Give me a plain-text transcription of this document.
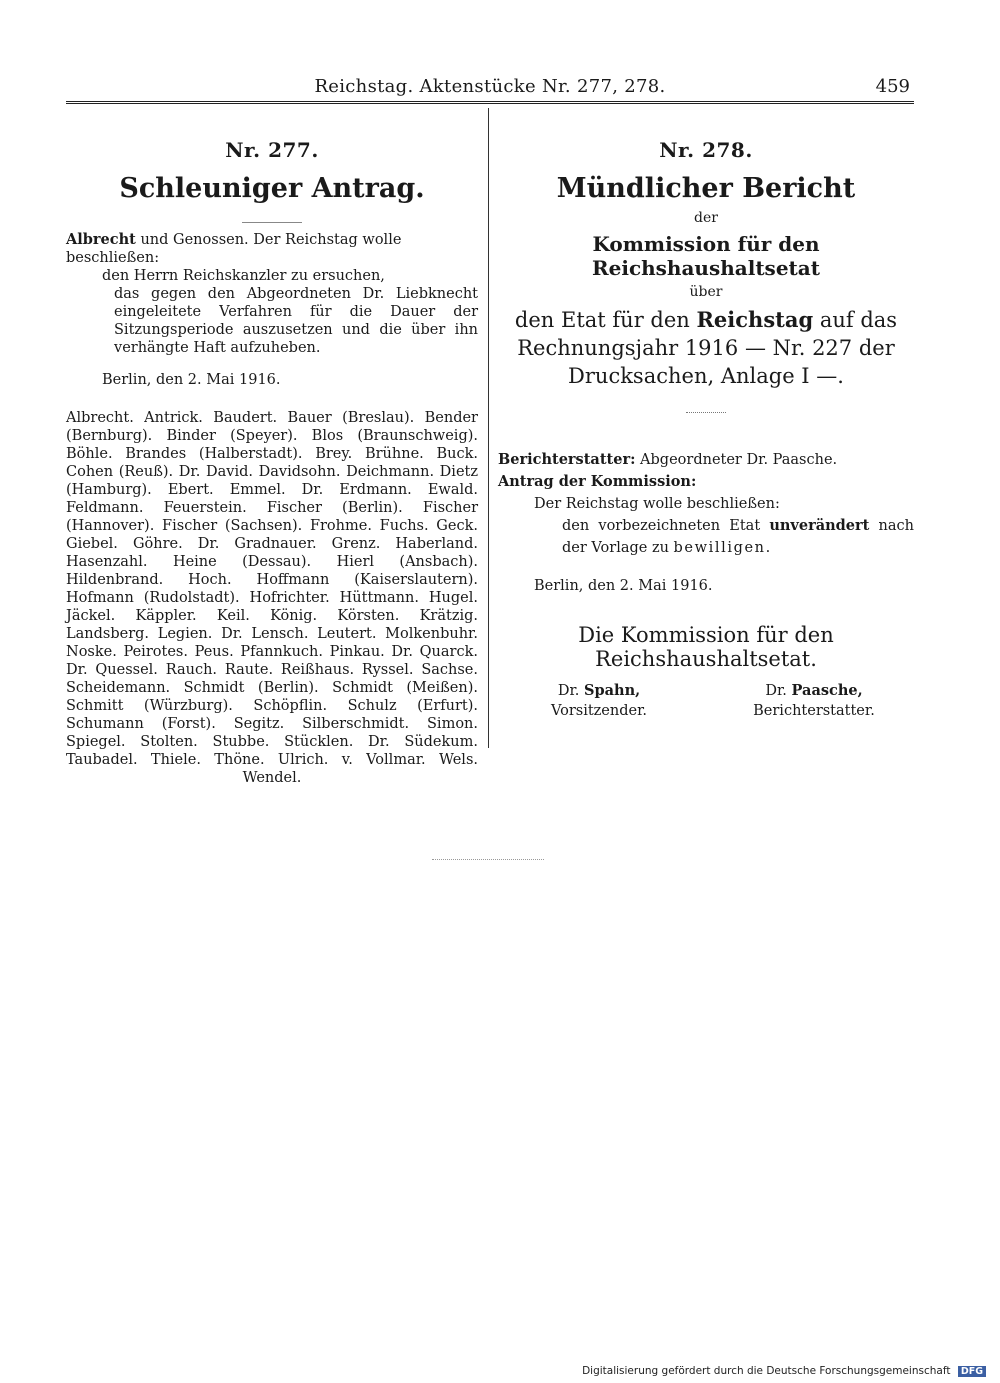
Reichstag. Aktenstücke Nr. 277, 278.	459
Nr. 277.
Schleuniger Antrag.

Albrecht und Genossen. Der Reichstag wolle beschließen:

den Herrn Reichskanzler zu ersuchen,

das gegen den Abgeordneten Dr. Liebknecht eingeleitete Verfahren für die Dauer der Sitzungsperiode auszusetzen und die über ihn verhängte Haft aufzuheben.

Berlin, den 2. Mai 1916.

Albrecht. Antrick. Baudert. Bauer (Breslau). Bender (Bernburg). Binder (Speyer). Blos (Braunschweig). Böhle. Brandes (Halberstadt). Brey. Brühne. Buck. Cohen (Reuß). Dr. David. Davidsohn. Deichmann. Dietz (Hamburg). Ebert. Emmel. Dr. Erdmann. Ewald. Feldmann. Feuerstein. Fischer (Berlin). Fischer (Hannover). Fischer (Sachsen). Frohme. Fuchs. Geck. Giebel. Göhre. Dr. Gradnauer. Grenz. Haberland. Hasenzahl. Heine (Dessau). Hierl (Ansbach). Hildenbrand. Hoch. Hoffmann (Kaiserslautern). Hofmann (Rudolstadt). Hofrichter. Hüttmann. Hugel. Jäckel. Käppler. Keil. König. Körsten. Krätzig. Landsberg. Legien. Dr. Lensch. Leutert. Molkenbuhr. Noske. Peirotes. Peus. Pfannkuch. Pinkau. Dr. Quarck. Dr. Quessel. Rauch. Raute. Reißhaus. Ryssel. Sachse. Scheidemann. Schmidt (Berlin). Schmidt (Meißen). Schmitt (Würzburg). Schöpflin. Schulz (Erfurt). Schumann (Forst). Segitz. Silberschmidt. Simon. Spiegel. Stolten. Stubbe. Stücklen. Dr. Südekum. Taubadel. Thiele. Thöne. Ulrich. v. Vollmar. Wels. Wendel.
Nr. 278.
Mündlicher Bericht
der
Kommission für den Reichshaushaltsetat
über

den Etat für den Reichstag auf das Rechnungsjahr 1916 — Nr. 227 der Drucksachen, Anlage I —.

Berichterstatter: Abgeordneter Dr. Paasche.

Antrag der Kommission:

Der Reichstag wolle beschließen:

den vorbezeichneten Etat unverändert nach der Vorlage zu bewilligen.

Berlin, den 2. Mai 1916.

Die Kommission für den Reichshaushaltsetat.
Dr. Spahn,
Vorsitzender.
Dr. Paasche,
Berichterstatter.
Digitalisierung gefördert durch die Deutsche Forschungsgemeinschaft DFG
